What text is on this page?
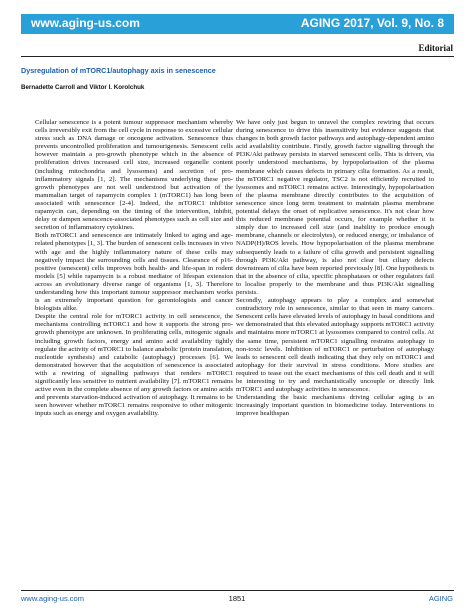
www.aging-us.com	AGING 2017, Vol. 9, No. 8
Editorial
Dysregulation of mTORC1/autophagy axis in senescence
Bernadette Carroll and Viktor I. Korolchuk

Cellular senescence is a potent tumour suppressor mechanism whereby cells irreversibly exit from the cell cycle in response to excessive cellular stress such as DNA damage or oncogene activation. Senescence thus prevents uncontrolled proliferation and tumourigenesis. Senescent cells however maintain a pro-growth phenotype which in the absence of proliferation drives increased cell size, increased organelle content (including mitochondria and lysosomes) and secretion of pro-inflammatory signals [1, 2]. The mechanisms underlying these pro-growth phenotypes are not well understood but activation of the mammalian target of rapamycin complex 1 (mTORC1) has long been associated with senescence [2-4]. Indeed, the mTORC1 inhibitor rapamycin can, depending on the timing of the intervention, inhibit, delay or dampen senescence-associated phenotypes such as cell size and secretion of inflammatory cytokines.

Both mTORC1 and senescence are intimately linked to aging and age-related phenotypes [1, 3]. The burden of senescent cells increases in vivo with age and the highly inflammatory nature of these cells may negatively impact the surrounding cells and tissues. Clearance of p16-positive (senescent) cells improves both health- and life-span in rodent models [5] while rapamycin is a robust mediator of lifespan extension across an evolutionary diverse range of organisms [1, 3]. Therefore understanding how this important tumour suppressor mechanism works is an extremely important question for gerontologists and cancer biologists alike.

Despite the central role for mTORC1 activity in cell senescence, the mechanisms controlling mTORC1 and how it supports the strong pro-growth phenotype are unknown. In proliferating cells, mitogenic signals including growth factors, energy and amino acid availability tightly regulate the activity of mTORC1 to balance anabolic (protein translation, nucleotide synthesis) and catabolic (autophagy) processes [6]. We demonstrated however that the acquisition of senescence is associated with a rewiring of signalling pathways that renders mTORC1 significantly less sensitive to nutrient availability [7]. mTORC1 remains active even in the complete absence of any growth factors or amino acids and prevents starvation-induced activation of autophagy. It remains to be seen however whether mTORC1 remains responsive to other mitogenic inputs such as energy and oxygen availability.

We have only just begun to unravel the complex rewiring that occurs during senescence to drive this insensitivity but evidence suggests that changes in both growth factor pathways and autophagy-dependent amino acid availability contribute. Firstly, growth factor signalling through the PI3K/Akt pathway persists in starved senescent cells. This is driven, via poorly understood mechanisms, by hypopolarisation of the plasma membrane which causes defects in primary cilia formation. As a result, the mTORC1 negative regulator, TSC2 is not efficiently recruited to lysosomes and mTORC1 remains active. Interestingly, hypopolarisation of the plasma membrane directly contributes to the acquisition of senescence since long term treatment to maintain plasma membrane potential delays the onset of replicative senescence. It's not clear how this reduced membrane potential occurs, for example whether it is simply due to increased cell size (and inability to produce enough membrane, channels or electrolytes), or reduced energy, or imbalance of NADP(H)/ROS levels. How hypopolarisation of the plasma membrane subsequently leads to a failure of cilia growth and persistent signalling through PI3K/Akt pathway, is also not clear but ciliary defects downstream of cilia have been reported previously [8]. One hypothesis is that in the absence of cilia, specific phosphatases or other regulators fail to localise properly to the membrane and thus PI3K/Akt signalling persists.

Secondly, autophagy appears to play a complex and somewhat contradictory role in senescence, similar to that seen in many cancers. Senescent cells have elevated levels of autophagy in basal conditions and we demonstrated that this elevated autophagy supports mTORC1 activity and maintains more mTORC1 at lysosomes compared to control cells. At the same time, persistent mTORC1 signalling restrains autophagy to non-toxic levels. Inhibition of mTORC1 or perturbation of autophagy leads to senescent cell death indicating that they rely on mTORC1 and autophagy for their survival in stress conditions. More studies are required to tease out the exact mechanisms of this cell death and it will be interesting to try and mechanistically uncouple or directly link mTORC1 and autophagy activities in senescence.

Understanding the basic mechanisms driving cellular aging is an increasingly important question in biomedicine today. Interventions to improve healthspan

www.aging-us.com	1851	AGING
